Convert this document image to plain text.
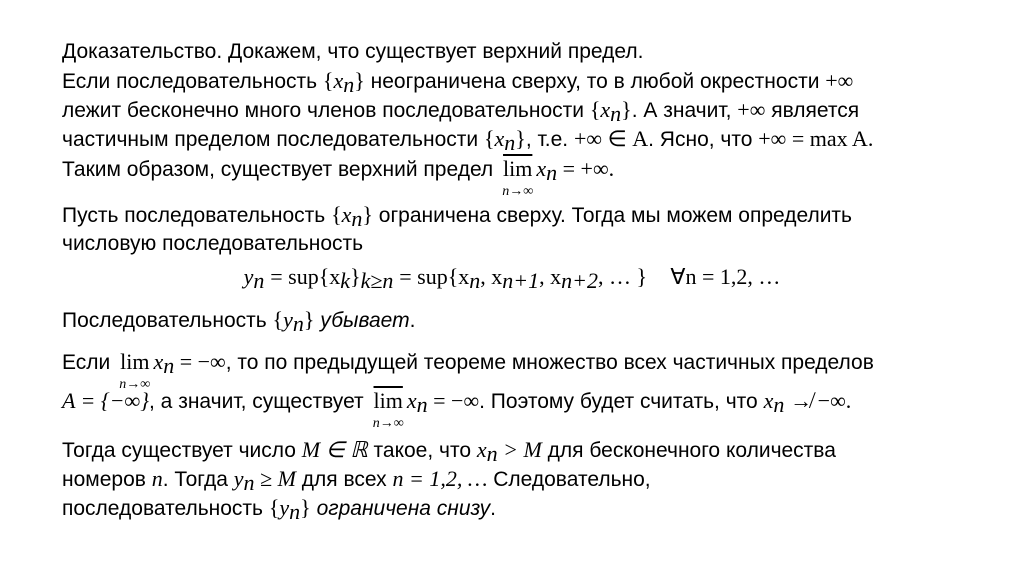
Доказательство. Докажем, что существует верхний предел.
Если последовательность $\{x_n\}$ неограничена сверху, то в любой окрестности +∞
лежит бесконечно много членов последовательности $\{x_n\}$. А значит, +∞ является
частичным пределом последовательности $\{x_n\}$, т.е. +∞ ∈ A. Ясно, что +∞ = max A.
Таким образом, существует верхний предел $\overline{lim}$
n→∞
$x_n$ = +∞.
Пусть последовательность $\{x_n\}$ ограничена сверху. Тогда мы можем определить
числовую последовательность
$y_n = sup\{x_k\}_{k\ge n} = sup\{x_n$, $x_{n+1}$, $x_{n+2}$, … } ∀n = 1,2, …
Последовательность $\{y_n\}$ убывает.
Если lim
n→∞
$x_n$ = −∞, то по предыдущей теореме множество всех частичных пределов
A = {−∞}, а значит, существует $\overline{lim}$
n→∞
$x_n$ = −∞. Поэтому будет считать, что $x_n$ ↛ −∞.
Тогда существует число M ∈ ℝ такое, что $x_n > M$ для бесконечного количества
номеров n. Тогда $y_n \ge M$ для всех n = 1,2, … Следовательно,
последовательность $\{y_n\}$ ограничена снизу.
